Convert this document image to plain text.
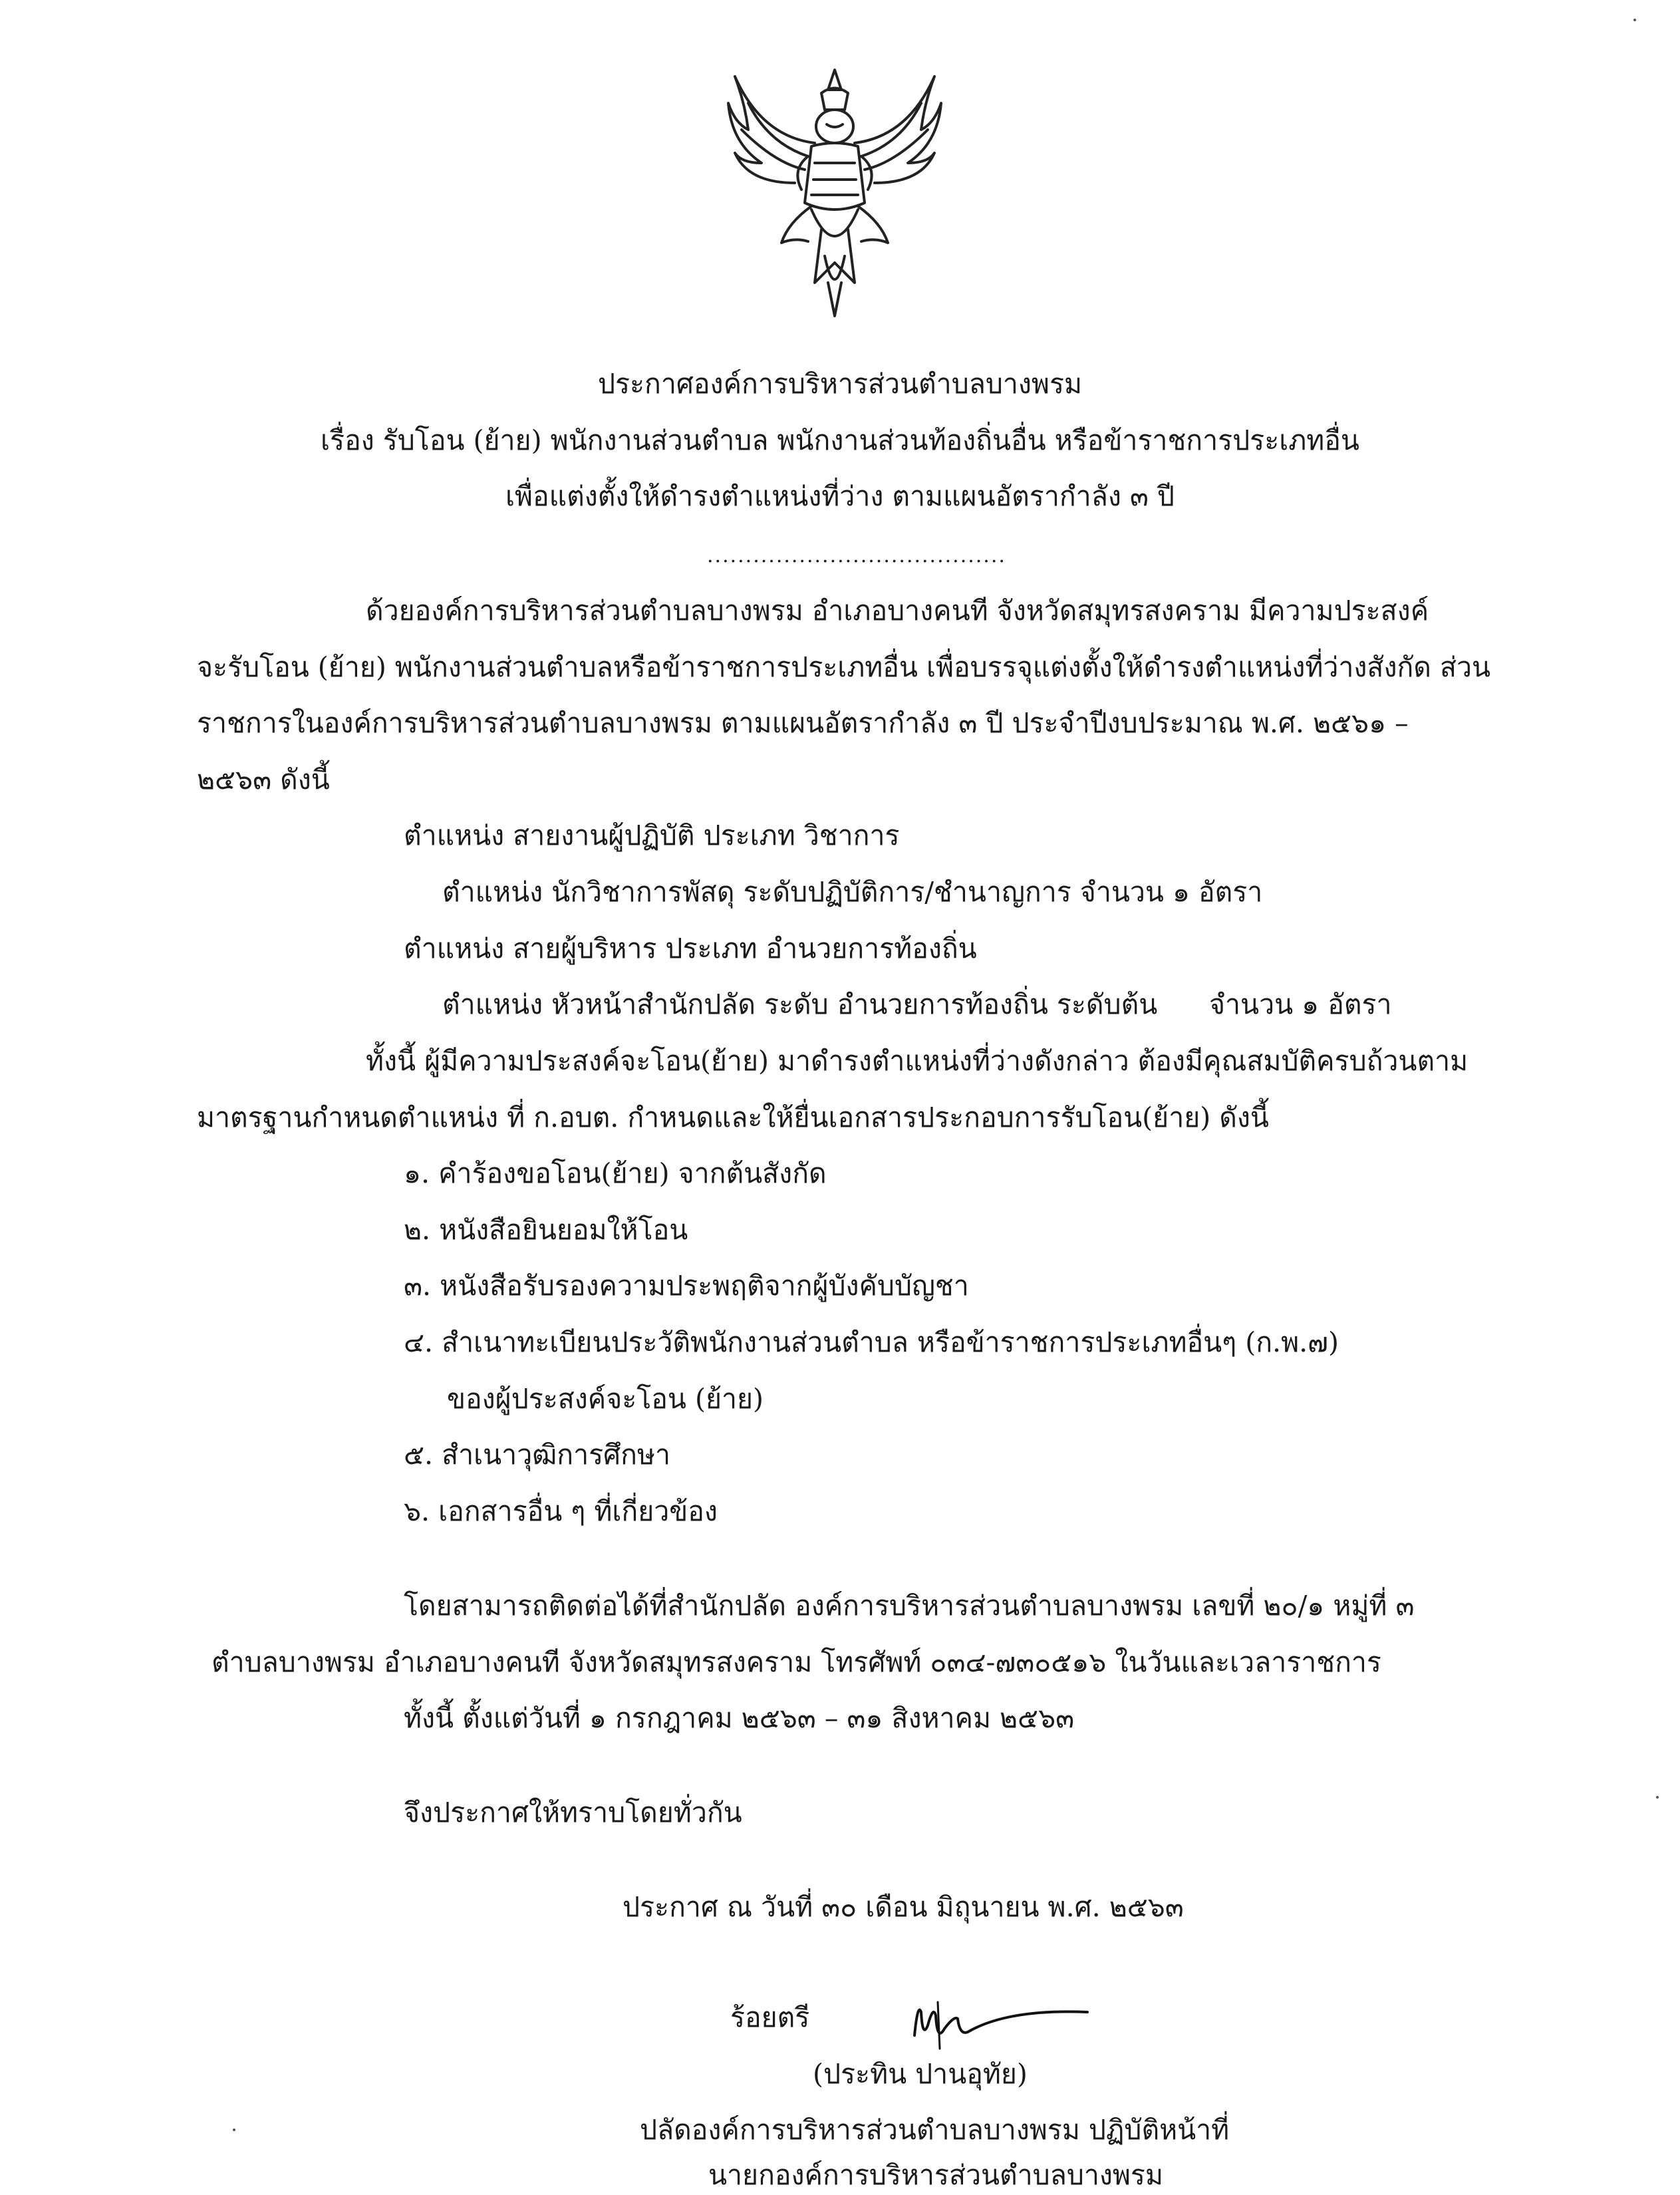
ประกาศองค์การบริหารส่วนตำบลบางพรม
เรื่อง รับโอน (ย้าย) พนักงานส่วนตำบล พนักงานส่วนท้องถิ่นอื่น หรือข้าราชการประเภทอื่น
เพื่อแต่งตั้งให้ดำรงตำแหน่งที่ว่าง ตามแผนอัตรากำลัง ๓ ปี
.......................................
ด้วยองค์การบริหารส่วนตำบลบางพรม อำเภอบางคนที จังหวัดสมุทรสงคราม มีความประสงค์
จะรับโอน (ย้าย) พนักงานส่วนตำบลหรือข้าราชการประเภทอื่น เพื่อบรรจุแต่งตั้งให้ดำรงตำแหน่งที่ว่างสังกัด ส่วน
ราชการในองค์การบริหารส่วนตำบลบางพรม ตามแผนอัตรากำลัง ๓ ปี ประจำปีงบประมาณ พ.ศ. ๒๕๖๑ –
๒๕๖๓ ดังนี้
ตำแหน่ง สายงานผู้ปฏิบัติ ประเภท วิชาการ
ตำแหน่ง นักวิชาการพัสดุ ระดับปฏิบัติการ/ชำนาญการ จำนวน ๑ อัตรา
ตำแหน่ง สายผู้บริหาร ประเภท อำนวยการท้องถิ่น
ตำแหน่ง หัวหน้าสำนักปลัด ระดับ อำนวยการท้องถิ่น ระดับต้น จำนวน ๑ อัตรา
ทั้งนี้ ผู้มีความประสงค์จะโอน(ย้าย) มาดำรงตำแหน่งที่ว่างดังกล่าว ต้องมีคุณสมบัติครบถ้วนตาม
มาตรฐานกำหนดตำแหน่ง ที่ ก.อบต. กำหนดและให้ยื่นเอกสารประกอบการรับโอน(ย้าย) ดังนี้
๑. คำร้องขอโอน(ย้าย) จากต้นสังกัด
๒. หนังสือยินยอมให้โอน
๓. หนังสือรับรองความประพฤติจากผู้บังคับบัญชา
๔. สำเนาทะเบียนประวัติพนักงานส่วนตำบล หรือข้าราชการประเภทอื่นๆ (ก.พ.๗)
ของผู้ประสงค์จะโอน (ย้าย)
๕. สำเนาวุฒิการศึกษา
๖. เอกสารอื่น ๆ ที่เกี่ยวข้อง
โดยสามารถติดต่อได้ที่สำนักปลัด องค์การบริหารส่วนตำบลบางพรม เลขที่ ๒๐/๑ หมู่ที่ ๓
ตำบลบางพรม อำเภอบางคนที จังหวัดสมุทรสงคราม โทรศัพท์ ๐๓๔-๗๓๐๕๑๖ ในวันและเวลาราชการ
ทั้งนี้ ตั้งแต่วันที่ ๑ กรกฎาคม ๒๕๖๓ – ๓๑ สิงหาคม ๒๕๖๓
จึงประกาศให้ทราบโดยทั่วกัน
ประกาศ ณ วันที่ ๓๐ เดือน มิถุนายน พ.ศ. ๒๕๖๓
ร้อยตรี
(ประทิน ปานอุทัย)
ปลัดองค์การบริหารส่วนตำบลบางพรม ปฏิบัติหน้าที่
นายกองค์การบริหารส่วนตำบลบางพรม
